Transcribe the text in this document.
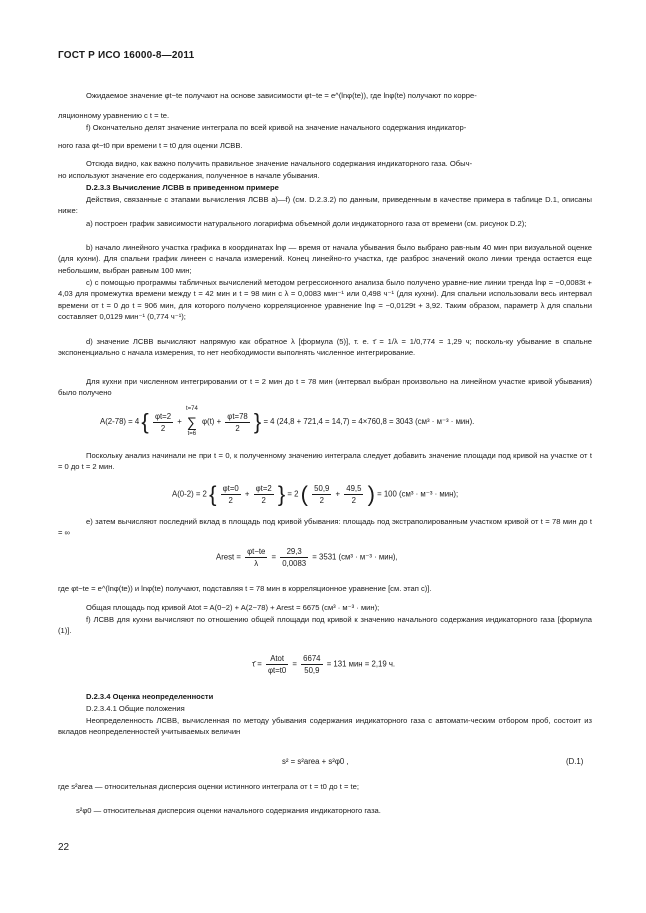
ГОСТ Р ИСО 16000-8—2011
Ожидаемое значение φt−te получают на основе зависимости φt−te = e^(lnφ(te)), где lnφ(te) получают по корре-
ляционному уравнению с t = te.
f) Окончательно делят значение интеграла по всей кривой на значение начального содержания индикатор-
ного газа φt−t0 при времени t = t0 для оценки ЛСВВ.
Отсюда видно, как важно получить правильное значение начального содержания индикаторного газа. Обыч-
но используют значение его содержания, полученное в начале убывания.
D.2.3.3 Вычисление ЛСВВ в приведенном примере
Действия, связанные с этапами вычисления ЛСВВ a)—f) (см. D.2.3.2) по данным, приведенным в качестве примера в таблице D.1, описаны ниже:
a) построен график зависимости натурального логарифма объемной доли индикаторного газа от времени (см. рисунок D.2);
b) начало линейного участка графика в координатах lnφ — время от начала убывания было выбрано рав-ным 40 мин при визуальной оценке (для кухни). Для спальни график линеен с начала измерений. Конец линейно-го участка, где разброс значений около линии тренда остается еще небольшим, выбран равным 100 мин;
c) с помощью программы табличных вычислений методом регрессионного анализа было получено уравне-ние линии тренда lnφ = −0,0083t + 4,03 для промежутка времени между t = 42 мин и t = 98 мин с λ = 0,0083 мин⁻¹ или 0,498 ч⁻¹ (для кухни). Для спальни использовали весь интервал времени от t = 0 до t = 906 мин, для которого получено корреляционное уравнение lnφ = −0,0129t + 3,92. Таким образом, параметр λ для спальни составляет 0,0129 мин⁻¹ (0,774 ч⁻¹);
d) значение ЛСВВ вычисляют напрямую как обратное λ [формула (5)], т. е. τ̄ = 1/λ = 1/0,774 = 1,29 ч; посколь-ку убывание в спальне экспоненциально с начала измерения, то нет необходимости выполнять численное интегрирование.
Для кухни при численном интегрировании от t = 2 мин до t = 78 мин (интервал выбран произвольно на линейном участке кривой убывания) было получено
A(2-78) = 4 { $\frac{\varphi t=2}{2}$ +
t=74
∑
t=6
$\varphi(t) + \frac{\varphi t=78}{2}$ } = 4 (24,8 + 721,4 = 14,7) = 4×760,8 = 3043 (см³ · м⁻³ · мин).
Поскольку анализ начинали не при t = 0, к полученному значению интеграла следует добавить значение площади под кривой на участке от t = 0 до t = 2 мин.
A(0-2) = 2 { $\frac{\varphi t=0}{2} + \frac{\varphi t=2}{2}$ } = 2 ( $\frac{50,9}{2} + \frac{49,5}{2}$ ) = 100 (см³ · м⁻³ · мин);
e) затем вычисляют последний вклад в площадь под кривой убывания: площадь под экстраполированным участком кривой от t = 78 мин до t = ∞
Arest = $\frac{\varphi t-te}{\lambda} = \frac{29,3}{0,0083} = 3531$ (см³ · м⁻³ · мин),
где φt−te = e^(lnφ(te)) и lnφ(te) получают, подставляя t = 78 мин в корреляционное уравнение [см. этап c)].
Общая площадь под кривой Atot = A(0−2) + A(2−78) + Arest = 6675 (см³ · м⁻³ · мин);
f) ЛСВВ для кухни вычисляют по отношению общей площади под кривой к значению начального содержания индикаторного газа [формула (1)].
τ̄ = $\frac{\text{Atot}}{\varphi t=t0} = \frac{6674}{50,9} = 131$ мин = 2,19 ч.
D.2.3.4 Оценка неопределенности
D.2.3.4.1 Общие положения
Неопределенность ЛСВВ, вычисленная по методу убывания содержания индикаторного газа с автомати-ческим отбором проб, состоит из вкладов неопределенностей учитываемых величин
s² = s²area + s²φ0 ,	(D.1)
где s²area — относительная дисперсия оценки истинного интеграла от t = t0 до t = te;
s²φ0 — относительная дисперсия оценки начального содержания индикаторного газа.
22
